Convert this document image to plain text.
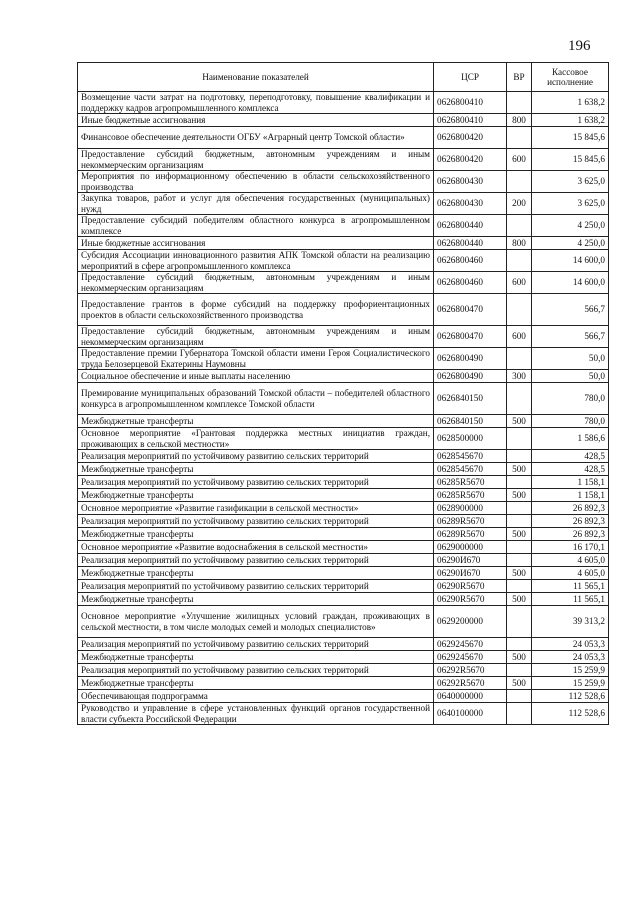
196
Наименование показателей	ЦСР	ВР	Кассовое исполнение
Возмещение части затрат на подготовку, переподготовку, повышение квалификации и поддержку кадров агропромышленного комплекса	0626800410		1 638,2
Иные бюджетные ассигнования	0626800410	800	1 638,2
Финансовое обеспечение деятельности ОГБУ «Аграрный центр Томской области»	0626800420		15 845,6
Предоставление субсидий бюджетным, автономным учреждениям и иным некоммерческим организациям	0626800420	600	15 845,6
Мероприятия по информационному обеспечению в области сельскохозяйственного производства	0626800430		3 625,0
Закупка товаров, работ и услуг для обеспечения государственных (муниципальных) нужд	0626800430	200	3 625,0
Предоставление субсидий победителям областного конкурса в агропромышленном комплексе	0626800440		4 250,0
Иные бюджетные ассигнования	0626800440	800	4 250,0
Субсидия Ассоциации инновационного развития АПК Томской области на реализацию мероприятий в сфере агропромышленного комплекса	0626800460		14 600,0
Предоставление субсидий бюджетным, автономным учреждениям и иным некоммерческим организациям	0626800460	600	14 600,0
Предоставление грантов в форме субсидий на поддержку профориентационных проектов в области сельскохозяйственного производства	0626800470		566,7
Предоставление субсидий бюджетным, автономным учреждениям и иным некоммерческим организациям	0626800470	600	566,7
Предоставление премии Губернатора Томской области имени Героя Социалистического труда Белозерцевой Екатерины Наумовны	0626800490		50,0
Социальное обеспечение и иные выплаты населению	0626800490	300	50,0
Премирование муниципальных образований Томской области – победителей областного конкурса в агропромышленном комплексе Томской области	0626840150		780,0
Межбюджетные трансферты	0626840150	500	780,0
Основное мероприятие «Грантовая поддержка местных инициатив граждан, проживающих в сельской местности»	0628500000		1 586,6
Реализация мероприятий по устойчивому развитию сельских территорий	0628545670		428,5
Межбюджетные трансферты	0628545670	500	428,5
Реализация мероприятий по устойчивому развитию сельских территорий	06285R5670		1 158,1
Межбюджетные трансферты	06285R5670	500	1 158,1
Основное мероприятие «Развитие газификации в сельской местности»	0628900000		26 892,3
Реализация мероприятий по устойчивому развитию сельских территорий	06289R5670		26 892,3
Межбюджетные трансферты	06289R5670	500	26 892,3
Основное мероприятие «Развитие водоснабжения в сельской местности»	0629000000		16 170,1
Реализация мероприятий по устойчивому развитию сельских территорий	06290И670		4 605,0
Межбюджетные трансферты	06290И670	500	4 605,0
Реализация мероприятий по устойчивому развитию сельских территорий	06290R5670		11 565,1
Межбюджетные трансферты	06290R5670	500	11 565,1
Основное мероприятие «Улучшение жилищных условий граждан, проживающих в сельской местности, в том числе молодых семей и молодых специалистов»	0629200000		39 313,2
Реализация мероприятий по устойчивому развитию сельских территорий	0629245670		24 053,3
Межбюджетные трансферты	0629245670	500	24 053,3
Реализация мероприятий по устойчивому развитию сельских территорий	06292R5670		15 259,9
Межбюджетные трансферты	06292R5670	500	15 259,9
Обеспечивающая подпрограмма	0640000000		112 528,6
Руководство и управление в сфере установленных функций органов государственной власти субъекта Российской Федерации	0640100000		112 528,6
